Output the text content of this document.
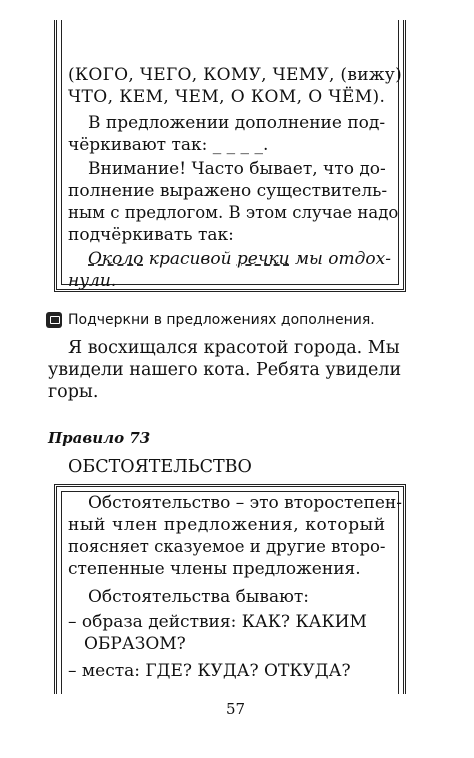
(КОГО, ЧЕГО, КОМУ, ЧЕМУ, (вижу)
ЧТО, КЕМ, ЧЕМ, О КОМ, О ЧЁМ).
В предложении дополнение под-
чёркивают так: _ _ _ _.
Внимание! Часто бывает, что до-
полнение выражено существитель-
ным с предлогом. В этом случае надо
подчёркивать так:
Около красивой речки мы отдох-
нули.
Подчеркни в предложениях дополнения.
Я восхищался красотой города. Мы
увидели нашего кота. Ребята увидели
горы.
Правило 73
ОБСТОЯТЕЛЬСТВО
Обстоятельство – это второстепен-
ный член предложения, который
поясняет сказуемое и другие второ-
степенные члены предложения.
Обстоятельства бывают:
– образа действия: КАК? КАКИМ
ОБРАЗОМ?
– места: ГДЕ? КУДА? ОТКУДА?
57
